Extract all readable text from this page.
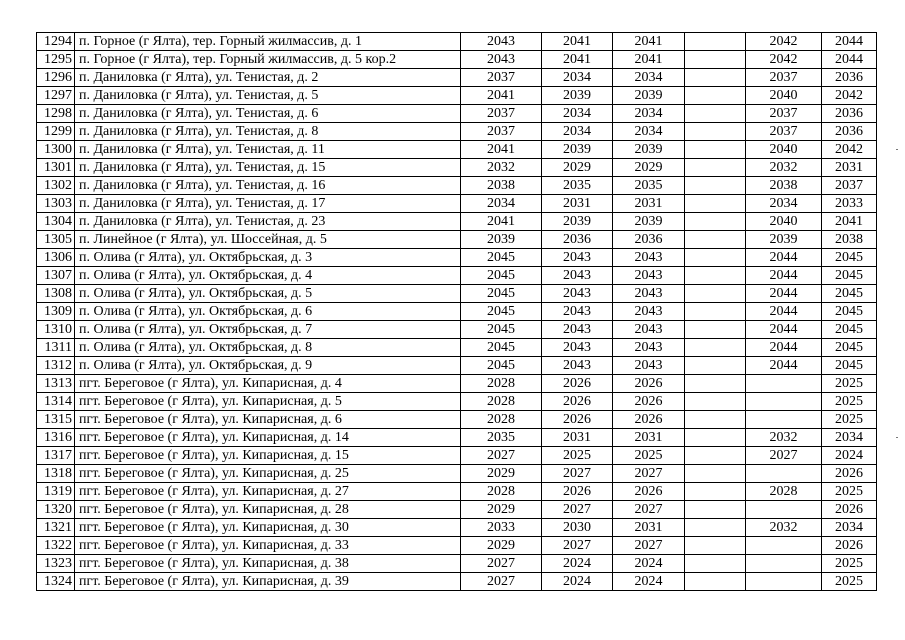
1294	п. Горное (г Ялта), тер. Горный жилмассив, д. 1	2043	2041	2041		2042	2044
1295	п. Горное (г Ялта), тер. Горный жилмассив, д. 5 кор.2	2043	2041	2041		2042	2044
1296	п. Даниловка (г Ялта), ул. Тенистая, д. 2	2037	2034	2034		2037	2036
1297	п. Даниловка (г Ялта), ул. Тенистая, д. 5	2041	2039	2039		2040	2042
1298	п. Даниловка (г Ялта), ул. Тенистая, д. 6	2037	2034	2034		2037	2036
1299	п. Даниловка (г Ялта), ул. Тенистая, д. 8	2037	2034	2034		2037	2036
1300	п. Даниловка (г Ялта), ул. Тенистая, д. 11	2041	2039	2039		2040	2042
1301	п. Даниловка (г Ялта), ул. Тенистая, д. 15	2032	2029	2029		2032	2031
1302	п. Даниловка (г Ялта), ул. Тенистая, д. 16	2038	2035	2035		2038	2037
1303	п. Даниловка (г Ялта), ул. Тенистая, д. 17	2034	2031	2031		2034	2033
1304	п. Даниловка (г Ялта), ул. Тенистая, д. 23	2041	2039	2039		2040	2041
1305	п. Линейное (г Ялта), ул. Шоссейная, д. 5	2039	2036	2036		2039	2038
1306	п. Олива (г Ялта), ул. Октябрьская, д. 3	2045	2043	2043		2044	2045
1307	п. Олива (г Ялта), ул. Октябрьская, д. 4	2045	2043	2043		2044	2045
1308	п. Олива (г Ялта), ул. Октябрьская, д. 5	2045	2043	2043		2044	2045
1309	п. Олива (г Ялта), ул. Октябрьская, д. 6	2045	2043	2043		2044	2045
1310	п. Олива (г Ялта), ул. Октябрьская, д. 7	2045	2043	2043		2044	2045
1311	п. Олива (г Ялта), ул. Октябрьская, д. 8	2045	2043	2043		2044	2045
1312	п. Олива (г Ялта), ул. Октябрьская, д. 9	2045	2043	2043		2044	2045
1313	пгт. Береговое (г Ялта), ул. Кипарисная, д. 4	2028	2026	2026			2025
1314	пгт. Береговое (г Ялта), ул. Кипарисная, д. 5	2028	2026	2026			2025
1315	пгт. Береговое (г Ялта), ул. Кипарисная, д. 6	2028	2026	2026			2025
1316	пгт. Береговое (г Ялта), ул. Кипарисная, д. 14	2035	2031	2031		2032	2034
1317	пгт. Береговое (г Ялта), ул. Кипарисная, д. 15	2027	2025	2025		2027	2024
1318	пгт. Береговое (г Ялта), ул. Кипарисная, д. 25	2029	2027	2027			2026
1319	пгт. Береговое (г Ялта), ул. Кипарисная, д. 27	2028	2026	2026		2028	2025
1320	пгт. Береговое (г Ялта), ул. Кипарисная, д. 28	2029	2027	2027			2026
1321	пгт. Береговое (г Ялта), ул. Кипарисная, д. 30	2033	2030	2031		2032	2034
1322	пгт. Береговое (г Ялта), ул. Кипарисная, д. 33	2029	2027	2027			2026
1323	пгт. Береговое (г Ялта), ул. Кипарисная, д. 38	2027	2024	2024			2025
1324	пгт. Береговое (г Ялта), ул. Кипарисная, д. 39	2027	2024	2024			2025
